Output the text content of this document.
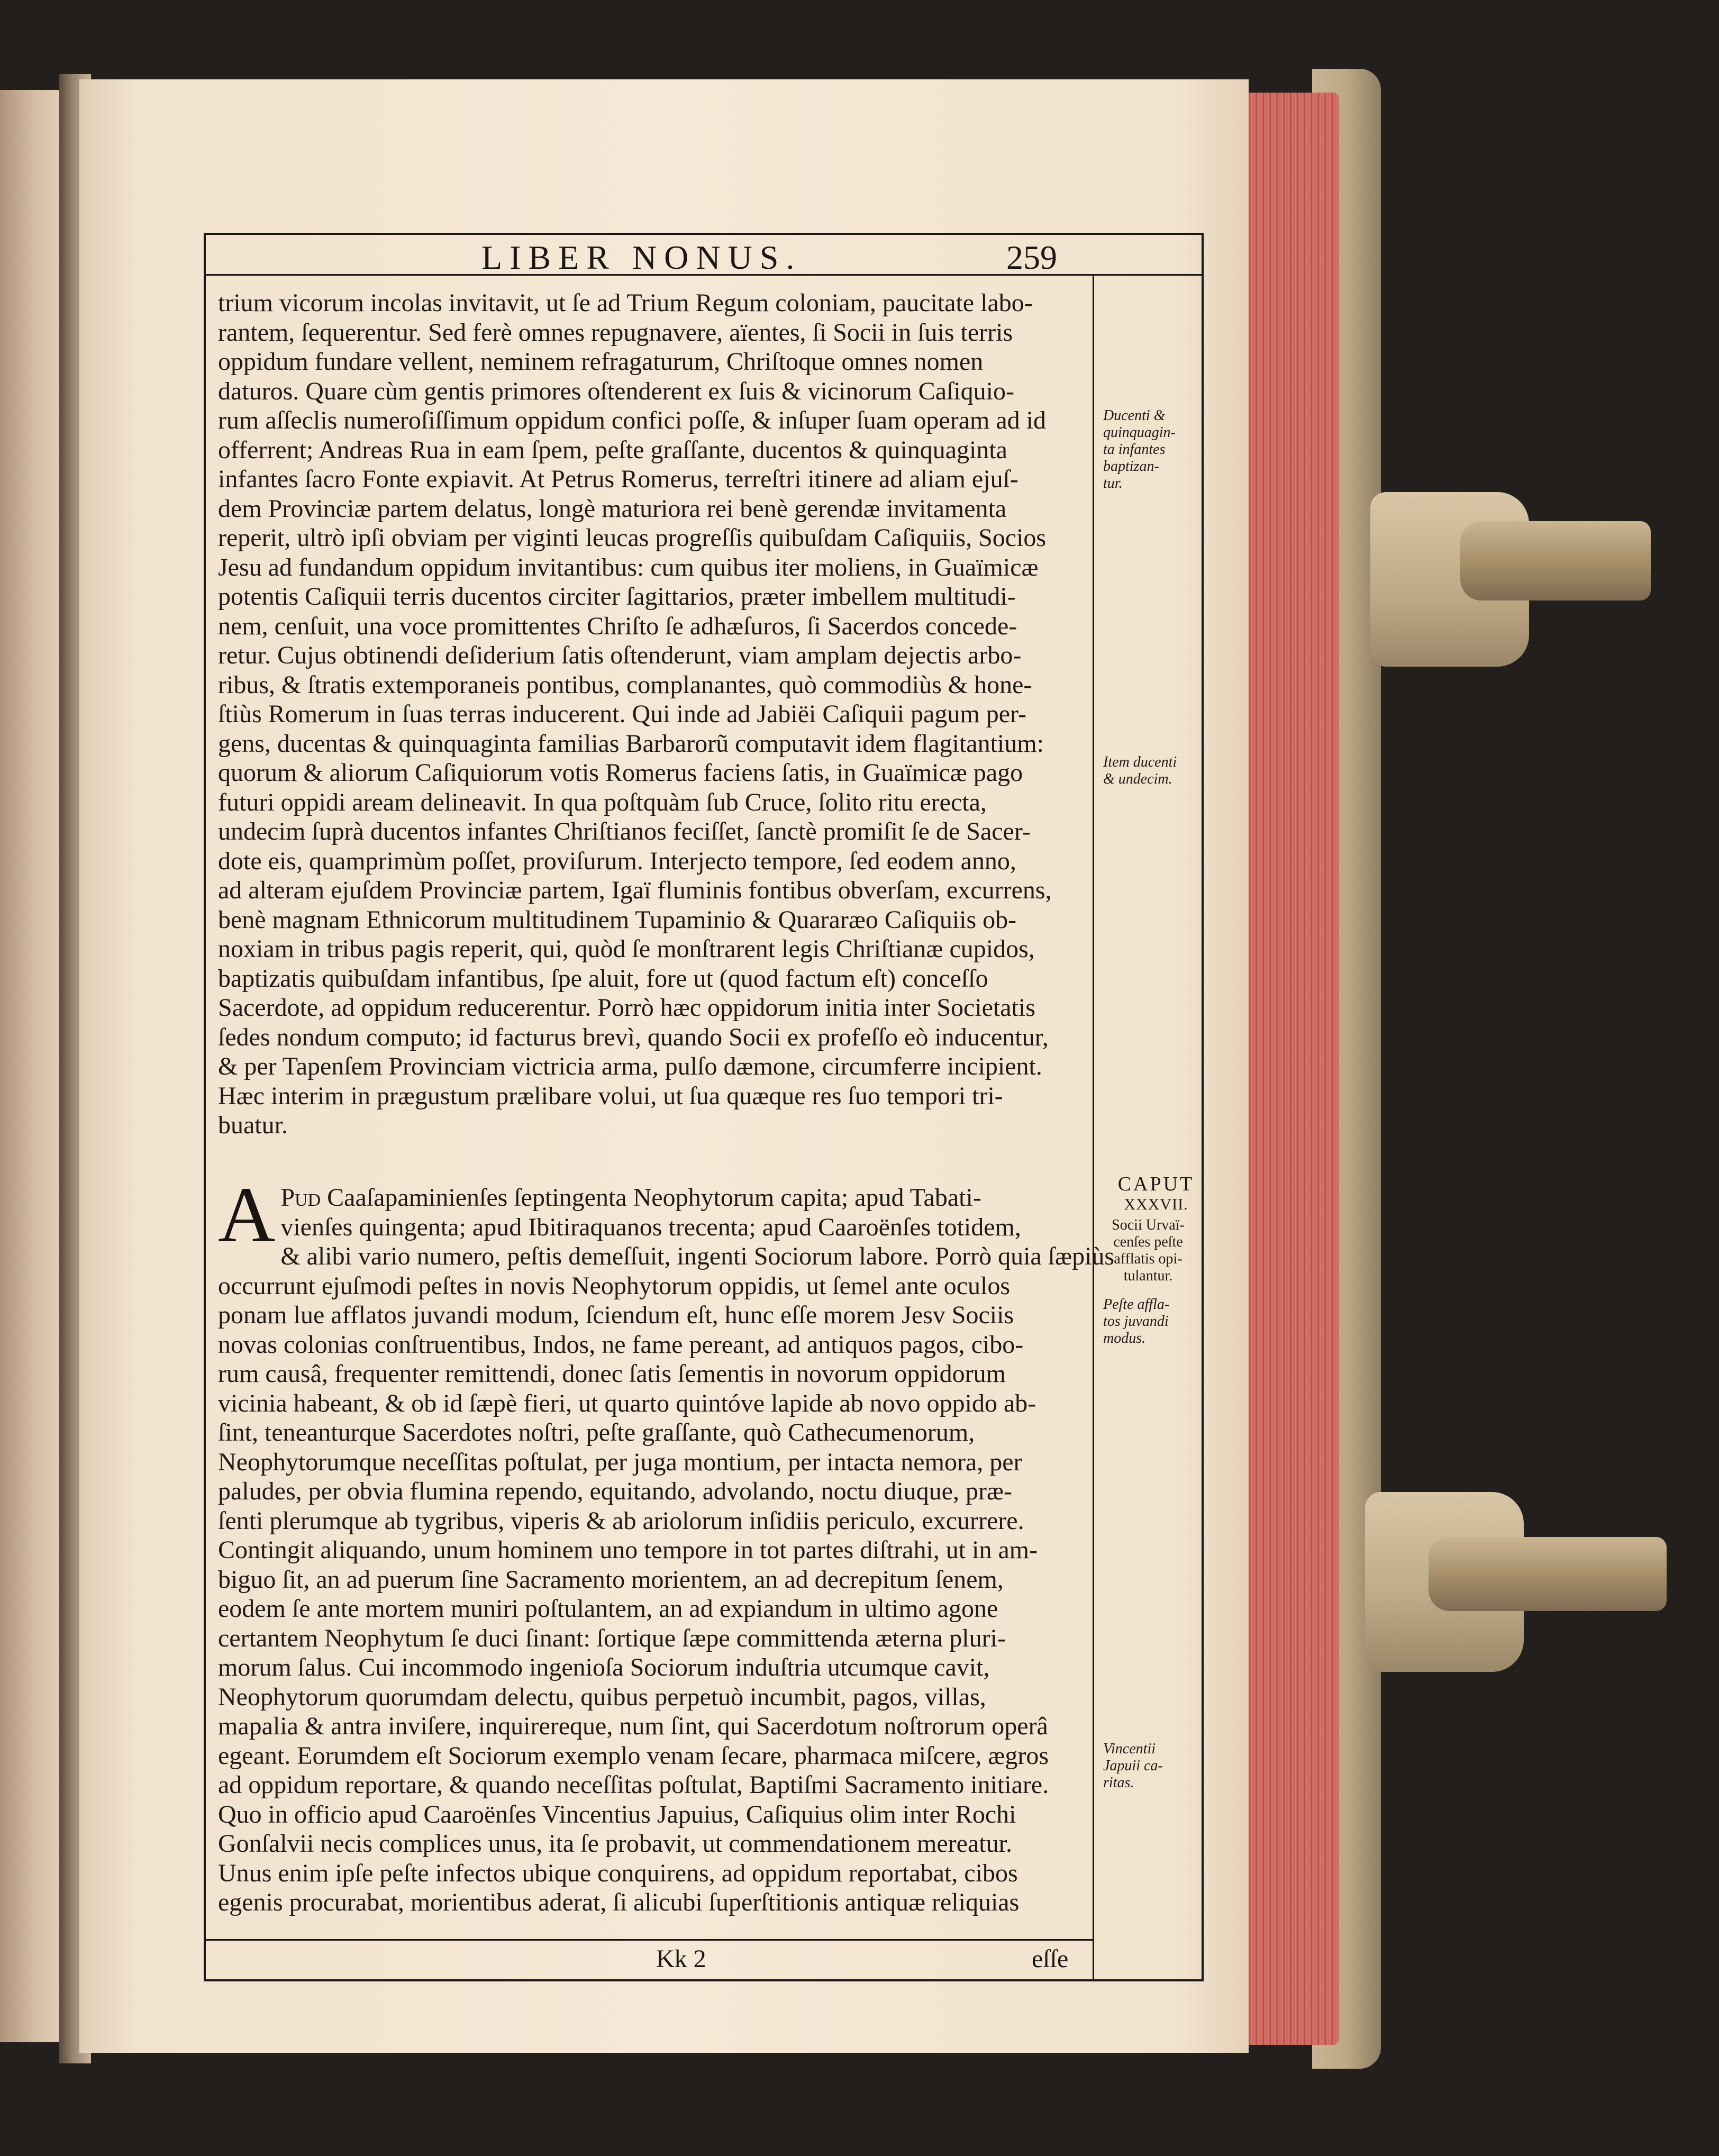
LIBER NONUS.	259
trium vicorum incolas invitavit, ut ſe ad Trium Regum coloniam, paucitate labo-
rantem, ſequerentur. Sed ferè omnes repugnavere, aïentes, ſi Socii in ſuis terris
oppidum fundare vellent, neminem refragaturum, Chriſtoque omnes nomen
daturos. Quare cùm gentis primores oſtenderent ex ſuis & vicinorum Caſiquio-
rum aſſeclis numeroſiſſimum oppidum confici poſſe, & inſuper ſuam operam ad id
offerrent; Andreas Rua in eam ſpem, peſte graſſante, ducentos & quinquaginta
infantes ſacro Fonte expiavit. At Petrus Romerus, terreſtri itinere ad aliam ejuſ-
dem Provinciæ partem delatus, longè maturiora rei benè gerendæ invitamenta
reperit, ultrò ipſi obviam per viginti leucas progreſſis quibuſdam Caſiquiis, Socios
Jesu ad fundandum oppidum invitantibus: cum quibus iter moliens, in Guaïmicæ
potentis Caſiquii terris ducentos circiter ſagittarios, præter imbellem multitudi-
nem, cenſuit, una voce promittentes Chriſto ſe adhæſuros, ſi Sacerdos concede-
retur. Cujus obtinendi deſiderium ſatis oſtenderunt, viam amplam dejectis arbo-
ribus, & ſtratis extemporaneis pontibus, complanantes, quò commodiùs & hone-
ſtiùs Romerum in ſuas terras inducerent. Qui inde ad Jabiëi Caſiquii pagum per-
gens, ducentas & quinquaginta familias Barbarorũ computavit idem flagitantium:
quorum & aliorum Caſiquiorum votis Romerus faciens ſatis, in Guaïmicæ pago
futuri oppidi aream delineavit. In qua poſtquàm ſub Cruce, ſolito ritu erecta,
undecim ſuprà ducentos infantes Chriſtianos feciſſet, ſanctè promiſit ſe de Sacer-
dote eis, quamprimùm poſſet, proviſurum. Interjecto tempore, ſed eodem anno,
ad alteram ejuſdem Provinciæ partem, Igaï fluminis fontibus obverſam, excurrens,
benè magnam Ethnicorum multitudinem Tupaminio & Quararæo Caſiquiis ob-
noxiam in tribus pagis reperit, qui, quòd ſe monſtrarent legis Chriſtianæ cupidos,
baptizatis quibuſdam infantibus, ſpe aluit, fore ut (quod factum eſt) conceſſo
Sacerdote, ad oppidum reducerentur. Porrò hæc oppidorum initia inter Societatis
ſedes nondum computo; id facturus brevì, quando Socii ex profeſſo eò inducentur,
& per Tapenſem Provinciam victricia arma, pulſo dæmone, circumferre incipient.
Hæc interim in prægustum prælibare volui, ut ſua quæque res ſuo tempori tri-
buatur.
A Pud Caaſapaminienſes ſeptingenta Neophytorum capita; apud Tabati-
vienſes quingenta; apud Ibitiraquanos trecenta; apud Caaroënſes totidem,
& alibi vario numero, peſtis demeſſuit, ingenti Sociorum labore. Porrò quia ſæpiùs
occurrunt ejuſmodi peſtes in novis Neophytorum oppidis, ut ſemel ante oculos
ponam lue afflatos juvandi modum, ſciendum eſt, hunc eſſe morem Jesv Sociis
novas colonias conſtruentibus, Indos, ne fame pereant, ad antiquos pagos, cibo-
rum causâ, frequenter remittendi, donec ſatis ſementis in novorum oppidorum
vicinia habeant, & ob id ſæpè fieri, ut quarto quintóve lapide ab novo oppido ab-
ſint, teneanturque Sacerdotes noſtri, peſte graſſante, quò Cathecumenorum,
Neophytorumque neceſſitas poſtulat, per juga montium, per intacta nemora, per
paludes, per obvia flumina rependo, equitando, advolando, noctu diuque, præ-
ſenti plerumque ab tygribus, viperis & ab ariolorum inſidiis periculo, excurrere.
Contingit aliquando, unum hominem uno tempore in tot partes diſtrahi, ut in am-
biguo ſit, an ad puerum ſine Sacramento morientem, an ad decrepitum ſenem,
eodem ſe ante mortem muniri poſtulantem, an ad expiandum in ultimo agone
certantem Neophytum ſe duci ſinant: ſortique ſæpe committenda æterna pluri-
morum ſalus. Cui incommodo ingenioſa Sociorum induſtria utcumque cavit,
Neophytorum quorumdam delectu, quibus perpetuò incumbit, pagos, villas,
mapalia & antra inviſere, inquirereque, num ſint, qui Sacerdotum noſtrorum operâ
egeant. Eorumdem eſt Sociorum exemplo venam ſecare, pharmaca miſcere, ægros
ad oppidum reportare, & quando neceſſitas poſtulat, Baptiſmi Sacramento initiare.
Quo in officio apud Caaroënſes Vincentius Japuius, Caſiquius olim inter Rochi
Gonſalvii necis complices unus, ita ſe probavit, ut commendationem mereatur.
Unus enim ipſe peſte infectos ubique conquirens, ad oppidum reportabat, cibos
egenis procurabat, morientibus aderat, ſi alicubi ſuperſtitionis antiquæ reliquias
Ducenti &
quinquagin-
ta infantes
baptizan-
tur.
Item ducenti
& undecim.
CAPUT
XXXVII.
Socii Urvaï-
cenſes peſte
afflatis opi-
tulantur.
Peſte affla-
tos juvandi
modus.
Vincentii
Japuii ca-
ritas.
Kk 2	eſſe
